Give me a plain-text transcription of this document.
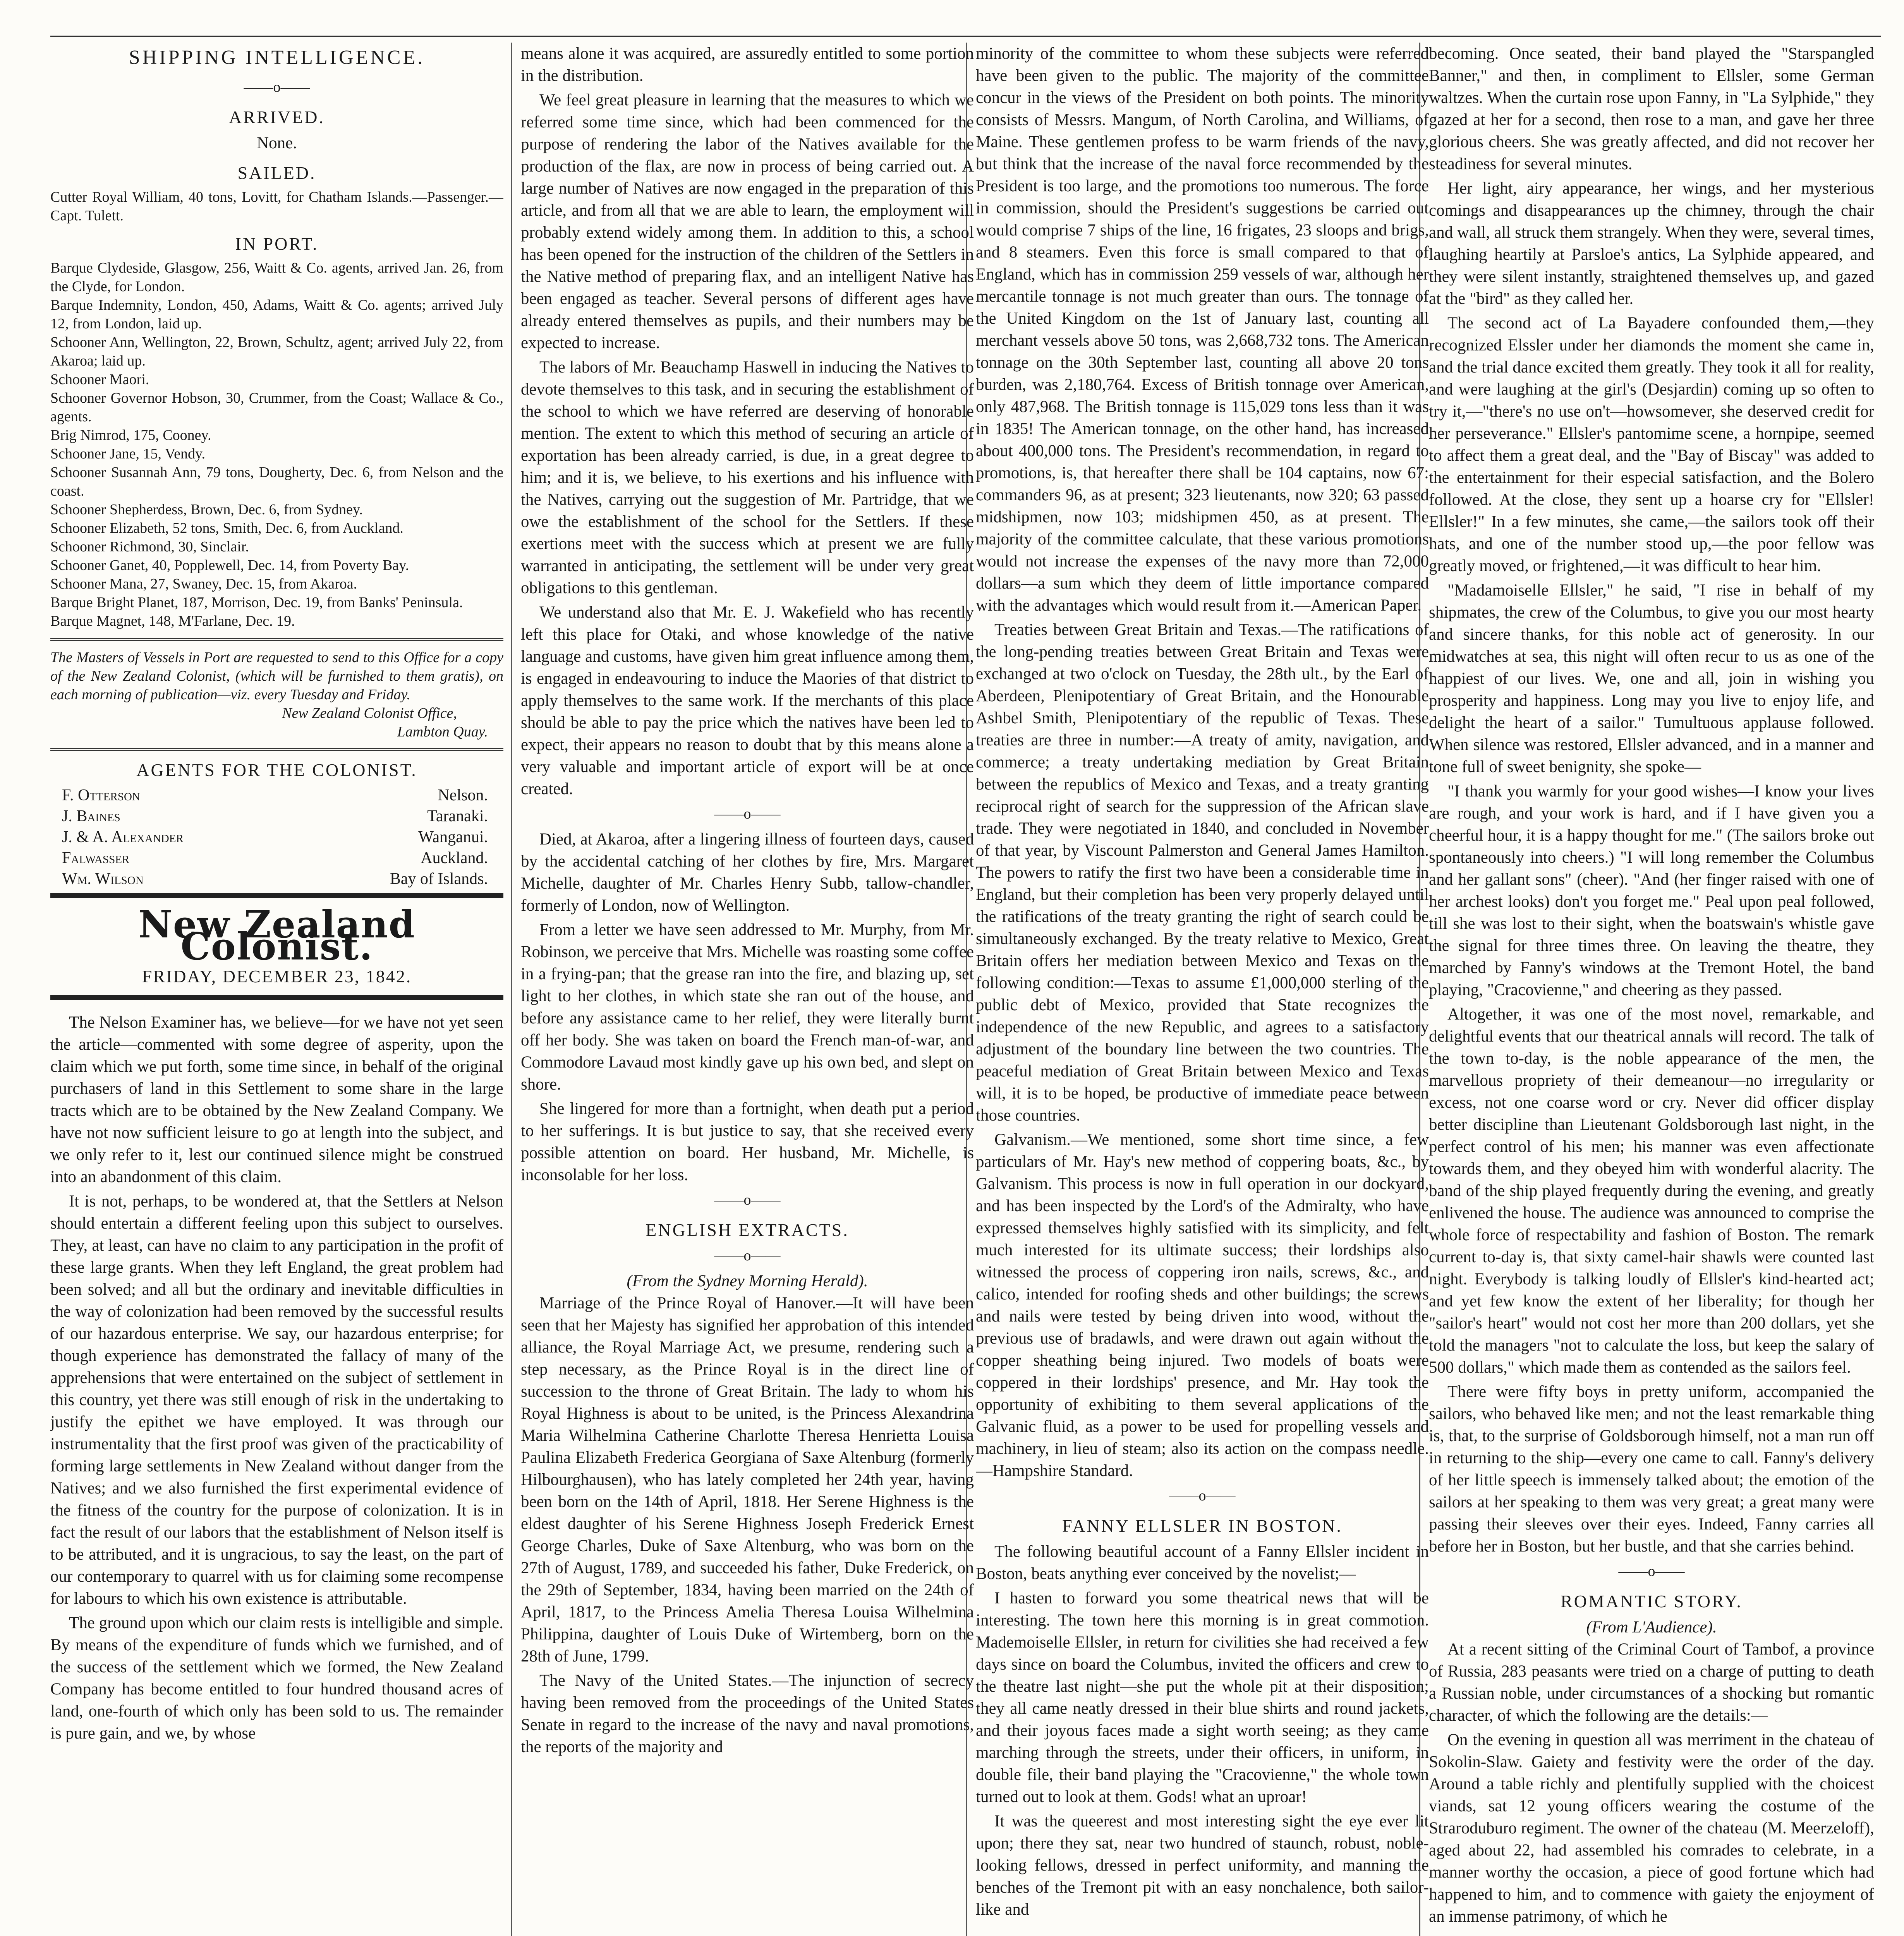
SHIPPING INTELLIGENCE.
——o——
ARRIVED.
None.
SAILED.
Cutter Royal William, 40 tons, Lovitt, for Chatham Islands.—Passenger.—Capt. Tulett.
IN PORT.
Barque Clydeside, Glasgow, 256, Waitt & Co. agents, arrived Jan. 26, from the Clyde, for London.
Barque Indemnity, London, 450, Adams, Waitt & Co. agents; arrived July 12, from London, laid up.
Schooner Ann, Wellington, 22, Brown, Schultz, agent; arrived July 22, from Akaroa; laid up.
Schooner Maori.
Schooner Governor Hobson, 30, Crummer, from the Coast; Wallace & Co., agents.
Brig Nimrod, 175, Cooney.
Schooner Jane, 15, Vendy.
Schooner Susannah Ann, 79 tons, Dougherty, Dec. 6, from Nelson and the coast.
Schooner Shepherdess, Brown, Dec. 6, from Sydney.
Schooner Elizabeth, 52 tons, Smith, Dec. 6, from Auckland.
Schooner Richmond, 30, Sinclair.
Schooner Ganet, 40, Popplewell, Dec. 14, from Poverty Bay.
Schooner Mana, 27, Swaney, Dec. 15, from Akaroa.
Barque Bright Planet, 187, Morrison, Dec. 19, from Banks' Peninsula.
Barque Magnet, 148, M'Farlane, Dec. 19.
The Masters of Vessels in Port are requested to send to this Office for a copy of the New Zealand Colonist, (which will be furnished to them gratis), on each morning of publication—viz. every Tuesday and Friday.
New Zealand Colonist Office,
Lambton Quay.
AGENTS FOR THE COLONIST.
F. Otterson	Nelson.
J. Baines	Taranaki.
J. & A. Alexander	Wanganui.
Falwasser	Auckland.
Wm. Wilson	Bay of Islands.
New Zealand Colonist.
FRIDAY, DECEMBER 23, 1842.

The Nelson Examiner has, we believe—for we have not yet seen the article—commented with some degree of asperity, upon the claim which we put forth, some time since, in behalf of the original purchasers of land in this Settlement to some share in the large tracts which are to be obtained by the New Zealand Company. We have not now sufficient leisure to go at length into the subject, and we only refer to it, lest our continued silence might be construed into an abandonment of this claim.

It is not, perhaps, to be wondered at, that the Settlers at Nelson should entertain a different feeling upon this subject to ourselves. They, at least, can have no claim to any participation in the profit of these large grants. When they left England, the great problem had been solved; and all but the ordinary and inevitable difficulties in the way of colonization had been removed by the successful results of our hazardous enterprise. We say, our hazardous enterprise; for though experience has demonstrated the fallacy of many of the apprehensions that were entertained on the subject of settlement in this country, yet there was still enough of risk in the undertaking to justify the epithet we have employed. It was through our instrumentality that the first proof was given of the practicability of forming large settlements in New Zealand without danger from the Natives; and we also furnished the first experimental evidence of the fitness of the country for the purpose of colonization. It is in fact the result of our labors that the establishment of Nelson itself is to be attributed, and it is ungracious, to say the least, on the part of our contemporary to quarrel with us for claiming some recompense for labours to which his own existence is attributable.

The ground upon which our claim rests is intelligible and simple. By means of the expenditure of funds which we furnished, and of the success of the settlement which we formed, the New Zealand Company has become entitled to four hundred thousand acres of land, one-fourth of which only has been sold to us. The remainder is pure gain, and we, by whose

means alone it was acquired, are assuredly entitled to some portion in the distribution.

We feel great pleasure in learning that the measures to which we referred some time since, which had been commenced for the purpose of rendering the labor of the Natives available for the production of the flax, are now in process of being carried out. A large number of Natives are now engaged in the preparation of this article, and from all that we are able to learn, the employment will probably extend widely among them. In addition to this, a school has been opened for the instruction of the children of the Settlers in the Native method of preparing flax, and an intelligent Native has been engaged as teacher. Several persons of different ages have already entered themselves as pupils, and their numbers may be expected to increase.

The labors of Mr. Beauchamp Haswell in inducing the Natives to devote themselves to this task, and in securing the establishment of the school to which we have referred are deserving of honorable mention. The extent to which this method of securing an article of exportation has been already carried, is due, in a great degree to him; and it is, we believe, to his exertions and his influence with the Natives, carrying out the suggestion of Mr. Partridge, that we owe the establishment of the school for the Settlers. If these exertions meet with the success which at present we are fully warranted in anticipating, the settlement will be under very great obligations to this gentleman.

We understand also that Mr. E. J. Wakefield who has recently left this place for Otaki, and whose knowledge of the native language and customs, have given him great influence among them, is engaged in endeavouring to induce the Maories of that district to apply themselves to the same work. If the merchants of this place should be able to pay the price which the natives have been led to expect, their appears no reason to doubt that by this means alone a very valuable and important article of export will be at once created.

——o——

Died, at Akaroa, after a lingering illness of fourteen days, caused by the accidental catching of her clothes by fire, Mrs. Margaret Michelle, daughter of Mr. Charles Henry Subb, tallow-chandler, formerly of London, now of Wellington.

From a letter we have seen addressed to Mr. Murphy, from Mr. Robinson, we perceive that Mrs. Michelle was roasting some coffee in a frying-pan; that the grease ran into the fire, and blazing up, set light to her clothes, in which state she ran out of the house, and before any assistance came to her relief, they were literally burnt off her body. She was taken on board the French man-of-war, and Commodore Lavaud most kindly gave up his own bed, and slept on shore.

She lingered for more than a fortnight, when death put a period to her sufferings. It is but justice to say, that she received every possible attention on board. Her husband, Mr. Michelle, is inconsolable for her loss.

——o——
ENGLISH EXTRACTS.
——o——
(From the Sydney Morning Herald).

Marriage of the Prince Royal of Hanover.—It will have been seen that her Majesty has signified her approbation of this intended alliance, the Royal Marriage Act, we presume, rendering such a step necessary, as the Prince Royal is in the direct line of succession to the throne of Great Britain. The lady to whom his Royal Highness is about to be united, is the Princess Alexandrina Maria Wilhelmina Catherine Charlotte Theresa Henrietta Louisa Paulina Elizabeth Frederica Georgiana of Saxe Altenburg (formerly Hilbourghausen), who has lately completed her 24th year, having been born on the 14th of April, 1818. Her Serene Highness is the eldest daughter of his Serene Highness Joseph Frederick Ernest George Charles, Duke of Saxe Altenburg, who was born on the 27th of August, 1789, and succeeded his father, Duke Frederick, on the 29th of September, 1834, having been married on the 24th of April, 1817, to the Princess Amelia Theresa Louisa Wilhelmina Philippina, daughter of Louis Duke of Wirtemberg, born on the 28th of June, 1799.

The Navy of the United States.—The injunction of secrecy having been removed from the proceedings of the United States Senate in regard to the increase of the navy and naval promotions, the reports of the majority and

minority of the committee to whom these subjects were referred have been given to the public. The majority of the committee concur in the views of the President on both points. The minority consists of Messrs. Mangum, of North Carolina, and Williams, of Maine. These gentlemen profess to be warm friends of the navy, but think that the increase of the naval force recommended by the President is too large, and the promotions too numerous. The force in commission, should the President's suggestions be carried out would comprise 7 ships of the line, 16 frigates, 23 sloops and brigs, and 8 steamers. Even this force is small compared to that of England, which has in commission 259 vessels of war, although her mercantile tonnage is not much greater than ours. The tonnage of the United Kingdom on the 1st of January last, counting all merchant vessels above 50 tons, was 2,668,732 tons. The American tonnage on the 30th September last, counting all above 20 tons burden, was 2,180,764. Excess of British tonnage over American, only 487,968. The British tonnage is 115,029 tons less than it was in 1835! The American tonnage, on the other hand, has increased about 400,000 tons. The President's recommendation, in regard to promotions, is, that hereafter there shall be 104 captains, now 67: commanders 96, as at present; 323 lieutenants, now 320; 63 passed midshipmen, now 103; midshipmen 450, as at present. The majority of the committee calculate, that these various promotions would not increase the expenses of the navy more than 72,000 dollars—a sum which they deem of little importance compared with the advantages which would result from it.—American Paper.

Treaties between Great Britain and Texas.—The ratifications of the long-pending treaties between Great Britain and Texas were exchanged at two o'clock on Tuesday, the 28th ult., by the Earl of Aberdeen, Plenipotentiary of Great Britain, and the Honourable Ashbel Smith, Plenipotentiary of the republic of Texas. These treaties are three in number:—A treaty of amity, navigation, and commerce; a treaty undertaking mediation by Great Britain between the republics of Mexico and Texas, and a treaty granting reciprocal right of search for the suppression of the African slave trade. They were negotiated in 1840, and concluded in November of that year, by Viscount Palmerston and General James Hamilton. The powers to ratify the first two have been a considerable time in England, but their completion has been very properly delayed until the ratifications of the treaty granting the right of search could be simultaneously exchanged. By the treaty relative to Mexico, Great Britain offers her mediation between Mexico and Texas on the following condition:—Texas to assume £1,000,000 sterling of the public debt of Mexico, provided that State recognizes the independence of the new Republic, and agrees to a satisfactory adjustment of the boundary line between the two countries. The peaceful mediation of Great Britain between Mexico and Texas will, it is to be hoped, be productive of immediate peace between those countries.

Galvanism.—We mentioned, some short time since, a few particulars of Mr. Hay's new method of coppering boats, &c., by Galvanism. This process is now in full operation in our dockyard, and has been inspected by the Lord's of the Admiralty, who have expressed themselves highly satisfied with its simplicity, and felt much interested for its ultimate success; their lordships also witnessed the process of coppering iron nails, screws, &c., and calico, intended for roofing sheds and other buildings; the screws and nails were tested by being driven into wood, without the previous use of bradawls, and were drawn out again without the copper sheathing being injured. Two models of boats were coppered in their lordships' presence, and Mr. Hay took the opportunity of exhibiting to them several applications of the Galvanic fluid, as a power to be used for propelling vessels and machinery, in lieu of steam; also its action on the compass needle.—Hampshire Standard.

——o——
FANNY ELLSLER IN BOSTON.

The following beautiful account of a Fanny Ellsler incident in Boston, beats anything ever conceived by the novelist;—

I hasten to forward you some theatrical news that will be interesting. The town here this morning is in great commotion. Mademoiselle Ellsler, in return for civilities she had received a few days since on board the Columbus, invited the officers and crew to the theatre last night—she put the whole pit at their disposition; they all came neatly dressed in their blue shirts and round jackets, and their joyous faces made a sight worth seeing; as they came marching through the streets, under their officers, in uniform, in double file, their band playing the "Cracovienne," the whole town turned out to look at them. Gods! what an uproar!

It was the queerest and most interesting sight the eye ever lit upon; there they sat, near two hundred of staunch, robust, noble-looking fellows, dressed in perfect uniformity, and manning the benches of the Tremont pit with an easy nonchalence, both sailor-like and

becoming. Once seated, their band played the "Starspangled Banner," and then, in compliment to Ellsler, some German waltzes. When the curtain rose upon Fanny, in "La Sylphide," they gazed at her for a second, then rose to a man, and gave her three glorious cheers. She was greatly affected, and did not recover her steadiness for several minutes.

Her light, airy appearance, her wings, and her mysterious comings and disappearances up the chimney, through the chair and wall, all struck them strangely. When they were, several times, laughing heartily at Parsloe's antics, La Sylphide appeared, and they were silent instantly, straightened themselves up, and gazed at the "bird" as they called her.

The second act of La Bayadere confounded them,—they recognized Elssler under her diamonds the moment she came in, and the trial dance excited them greatly. They took it all for reality, and were laughing at the girl's (Desjardin) coming up so often to try it,—"there's no use on't—howsomever, she deserved credit for her perseverance." Ellsler's pantomime scene, a hornpipe, seemed to affect them a great deal, and the "Bay of Biscay" was added to the entertainment for their especial satisfaction, and the Bolero followed. At the close, they sent up a hoarse cry for "Ellsler! Ellsler!" In a few minutes, she came,—the sailors took off their hats, and one of the number stood up,—the poor fellow was greatly moved, or frightened,—it was difficult to hear him.

"Madamoiselle Ellsler," he said, "I rise in behalf of my shipmates, the crew of the Columbus, to give you our most hearty and sincere thanks, for this noble act of generosity. In our midwatches at sea, this night will often recur to us as one of the happiest of our lives. We, one and all, join in wishing you prosperity and happiness. Long may you live to enjoy life, and delight the heart of a sailor." Tumultuous applause followed. When silence was restored, Ellsler advanced, and in a manner and tone full of sweet benignity, she spoke—

"I thank you warmly for your good wishes—I know your lives are rough, and your work is hard, and if I have given you a cheerful hour, it is a happy thought for me." (The sailors broke out spontaneously into cheers.) "I will long remember the Columbus and her gallant sons" (cheer). "And (her finger raised with one of her archest looks) don't you forget me." Peal upon peal followed, till she was lost to their sight, when the boatswain's whistle gave the signal for three times three. On leaving the theatre, they marched by Fanny's windows at the Tremont Hotel, the band playing, "Cracovienne," and cheering as they passed.

Altogether, it was one of the most novel, remarkable, and delightful events that our theatrical annals will record. The talk of the town to-day, is the noble appearance of the men, the marvellous propriety of their demeanour—no irregularity or excess, not one coarse word or cry. Never did officer display better discipline than Lieutenant Goldsborough last night, in the perfect control of his men; his manner was even affectionate towards them, and they obeyed him with wonderful alacrity. The band of the ship played frequently during the evening, and greatly enlivened the house. The audience was announced to comprise the whole force of respectability and fashion of Boston. The remark current to-day is, that sixty camel-hair shawls were counted last night. Everybody is talking loudly of Ellsler's kind-hearted act; and yet few know the extent of her liberality; for though her "sailor's heart" would not cost her more than 200 dollars, yet she told the managers "not to calculate the loss, but keep the salary of 500 dollars," which made them as contended as the sailors feel.

There were fifty boys in pretty uniform, accompanied the sailors, who behaved like men; and not the least remarkable thing is, that, to the surprise of Goldsborough himself, not a man run off in returning to the ship—every one came to call. Fanny's delivery of her little speech is immensely talked about; the emotion of the sailors at her speaking to them was very great; a great many were passing their sleeves over their eyes. Indeed, Fanny carries all before her in Boston, but her bustle, and that she carries behind.

——o——
ROMANTIC STORY.
(From L'Audience).

At a recent sitting of the Criminal Court of Tambof, a province of Russia, 283 peasants were tried on a charge of putting to death a Russian noble, under circumstances of a shocking but romantic character, of which the following are the details:—

On the evening in question all was merriment in the chateau of Sokolin-Slaw. Gaiety and festivity were the order of the day. Around a table richly and plentifully supplied with the choicest viands, sat 12 young officers wearing the costume of the Straroduburo regiment. The owner of the chateau (M. Meerzeloff), aged about 22, had assembled his comrades to celebrate, in a manner worthy the occasion, a piece of good fortune which had happened to him, and to commence with gaiety the enjoyment of an immense patrimony, of which he
